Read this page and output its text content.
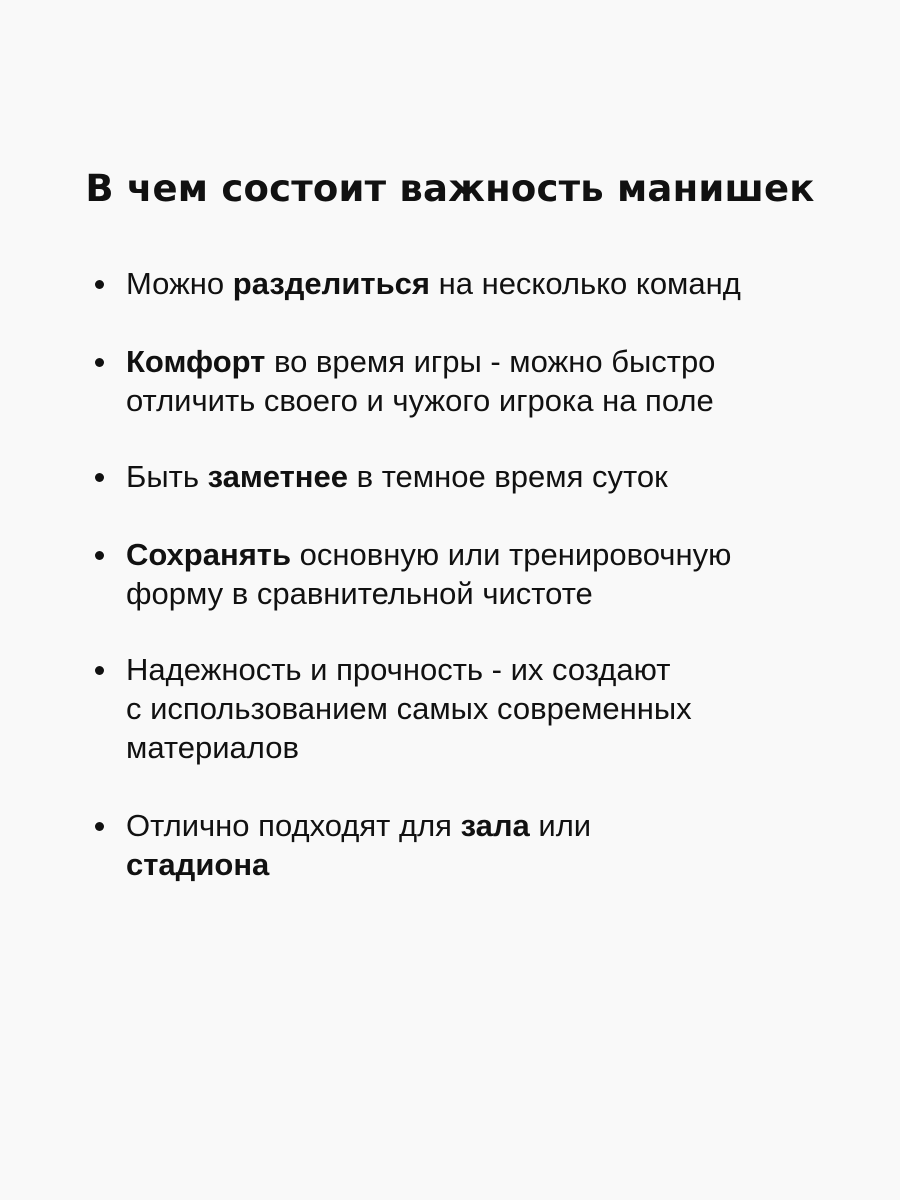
В чем состоит важность манишек
Можно разделиться на несколько команд
Комфорт во время игры - можно быстро
отличить своего и чужого игрока на поле
Быть заметнее в темное время суток
Сохранять основную или тренировочную
форму в сравнительной чистоте
Надежность и прочность - их создают
с использованием самых современных
материалов
Отлично подходят для зала или
стадиона
